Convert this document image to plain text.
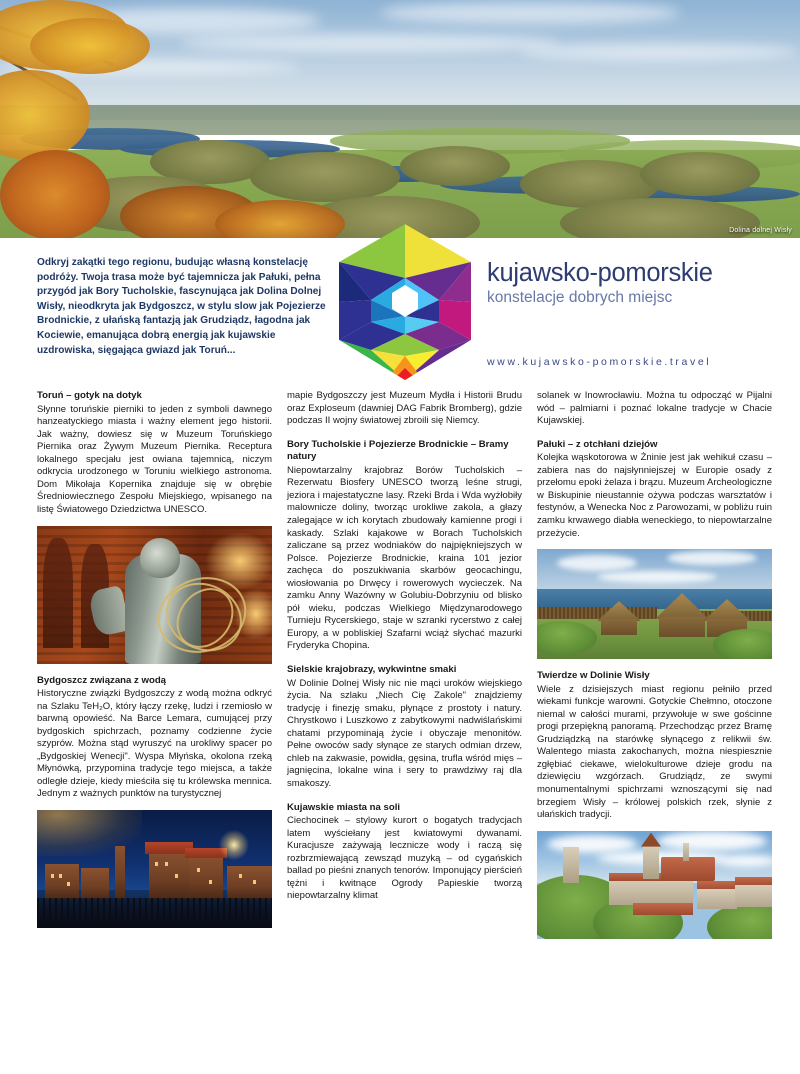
Dolina dolnej Wisły
Odkryj zakątki tego regionu, budując własną konstelację podróży. Twoja trasa może być tajemnicza jak Pałuki, pełna przygód jak Bory Tucholskie, fascynująca jak Dolina Dolnej Wisły, nieodkryta jak Bydgoszcz, w stylu slow jak Pojezierze Brodnickie, z ułańską fantazją jak Grudziądz, łagodna jak Kociewie, emanująca dobrą energią jak kujawskie uzdrowiska, sięgająca gwiazd jak Toruń...
kujawsko-pomorskie
konstelacje dobrych miejsc
www.kujawsko-pomorskie.travel
Toruń – gotyk na dotyk

Słynne toruńskie pierniki to jeden z symboli dawnego hanzeatyckiego miasta i ważny element jego historii. Jak ważny, dowiesz się w Muzeum Toruńskiego Piernika oraz Żywym Muzeum Piernika. Receptura lokalnego specjału jest owiana tajemnicą, niczym odkrycia urodzonego w Toruniu wielkiego astronoma. Dom Mikołaja Kopernika znajduje się w obrębie Średniowiecznego Zespołu Miejskiego, wpisanego na listę Światowego Dziedzictwa UNESCO.

Bydgoszcz związana z wodą

Historyczne związki Bydgoszczy z wodą można odkryć na Szlaku TeH₂O, który łączy rzekę, ludzi i rzemiosło w barwną opowieść. Na Barce Lemara, cumującej przy bydgoskich spichrzach, poznamy codzienne życie szyprów. Można stąd wyruszyć na urokliwy spacer po „Bydgoskiej Wenecji". Wyspa Młyńska, okolona rzeką Młynówką, przypomina tradycje tego miejsca, a także odległe dzieje, kiedy mieściła się tu królewska mennica. Jednym z ważnych punktów na turystycznej

mapie Bydgoszczy jest Muzeum Mydła i Historii Brudu oraz Exploseum (dawniej DAG Fabrik Bromberg), gdzie podczas II wojny światowej zbroili się Niemcy.

Bory Tucholskie i Pojezierze Brodnickie – Bramy natury

Niepowtarzalny krajobraz Borów Tucholskich – Rezerwatu Biosfery UNESCO tworzą leśne strugi, jeziora i majestatyczne lasy. Rzeki Brda i Wda wyżłobiły malownicze doliny, tworząc urokliwe zakola, a głazy zalegające w ich korytach zbudowały kamienne progi i kaskady. Szlaki kajakowe w Borach Tucholskich zaliczane są przez wodniaków do najpiękniejszych w Polsce. Pojezierze Brodnickie, kraina 101 jezior zachęca do poszukiwania skarbów geocachingu, wiosłowania po Drwęcy i rowerowych wycieczek. Na zamku Anny Wazówny w Golubiu-Dobrzyniu od blisko pół wieku, podczas Wielkiego Międzynarodowego Turnieju Rycerskiego, staje w szranki rycerstwo z całej Europy, a w pobliskiej Szafarni wciąż słychać mazurki Fryderyka Chopina.

Sielskie krajobrazy, wykwintne smaki

W Dolinie Dolnej Wisły nic nie mąci uroków wiejskiego życia. Na szlaku „Niech Cię Zakole" znajdziemy tradycję i finezję smaku, płynące z prostoty i natury. Chrystkowo i Luszkowo z zabytkowymi nadwiślańskimi chatami przypominają życie i obyczaje menonitów. Pełne owoców sady słynące ze starych odmian drzew, chleb na zakwasie, powidła, gęsina, trufla wśród mięs – jagnięcina, lokalne wina i sery to prawdziwy raj dla smakoszy.

Kujawskie miasta na soli

Ciechocinek – stylowy kurort o bogatych tradycjach latem wyściełany jest kwiatowymi dywanami. Kuracjusze zażywają lecznicze wody i raczą się rozbrzmiewającą zewsząd muzyką – od cygańskich ballad po pieśni znanych tenorów. Imponujący pierścień tężni i kwitnące Ogrody Papieskie tworzą niepowtarzalny klimat

solanek w Inowrocławiu. Można tu odpocząć w Pijalni wód – palmiarni i poznać lokalne tradycje w Chacie Kujawskiej.

Pałuki – z otchłani dziejów

Kolejka wąskotorowa w Żninie jest jak wehikuł czasu – zabiera nas do najsłynniejszej w Europie osady z przełomu epoki żelaza i brązu. Muzeum Archeologiczne w Biskupinie nieustannie ożywa podczas warsztatów i festynów, a Wenecka Noc z Parowozami, w pobliżu ruin zamku krwawego diabła weneckiego, to niepowtarzalne przeżycie.

Twierdze w Dolinie Wisły

Wiele z dzisiejszych miast regionu pełniło przed wiekami funkcje warowni. Gotyckie Chełmno, otoczone niemal w całości murami, przywołuje w swe gościnne progi przepiękną panoramą. Przechodząc przez Bramę Grudziądzką na starówkę słynącego z relikwii św. Walentego miasta zakochanych, można niespiesznie zgłębiać ciekawe, wielokulturowe dzieje grodu na dziewięciu wzgórzach. Grudziądz, ze swymi monumentalnymi spichrzami wznoszącymi się nad brzegiem Wisły – królowej polskich rzek, słynie z ułańskich tradycji.
